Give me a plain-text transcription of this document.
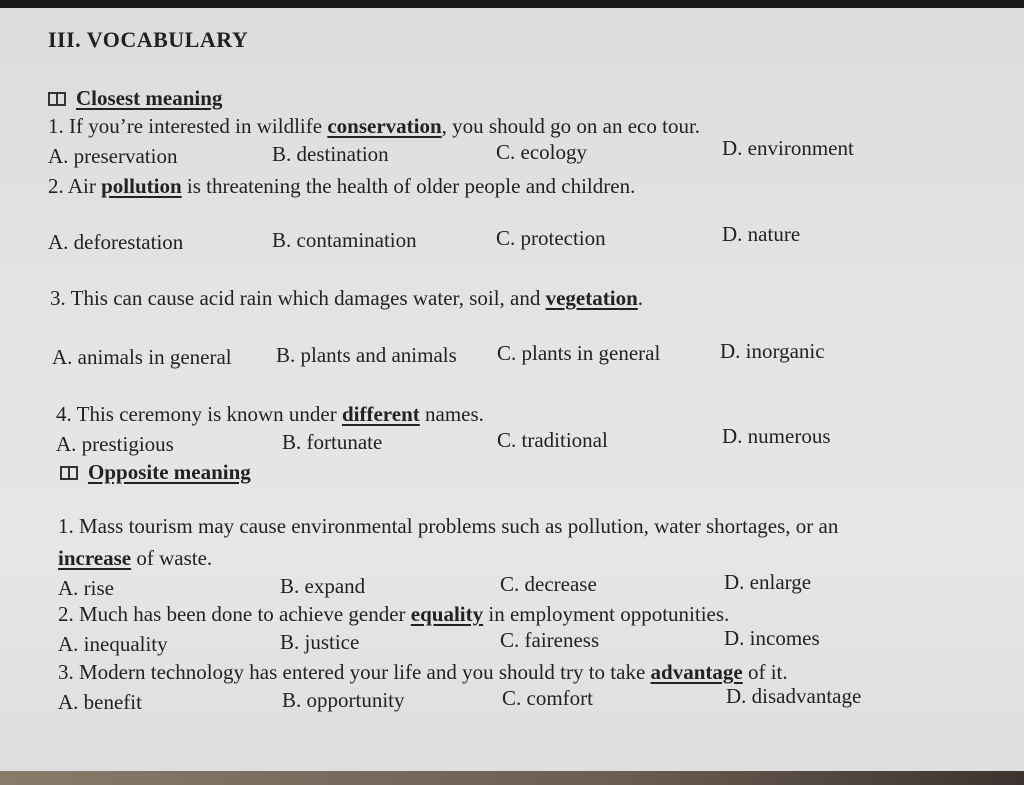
III. VOCABULARY
Closest meaning
1. If you’re interested in wildlife conservation, you should go on an eco tour.
A. preservation	B. destination	C. ecology	D. environment
2. Air pollution is threatening the health of older people and children.
A. deforestation	B. contamination	C. protection	D. nature
3. This can cause acid rain which damages water, soil, and vegetation.
A. animals in general B. plants and animals C. plants in general	D. inorganic
4. This ceremony is known under different names.
A. prestigious	B. fortunate	C. traditional	D. numerous
Opposite meaning
1. Mass tourism may cause environmental problems such as pollution, water shortages, or an
increase of waste.
A. rise	B. expand	C. decrease	D. enlarge
2. Much has been done to achieve gender equality in employment oppotunities.
A. inequality	B. justice	C. faireness	D. incomes
3. Modern technology has entered your life and you should try to take advantage of it.
A. benefit	B. opportunity	C. comfort	D. disadvantage
